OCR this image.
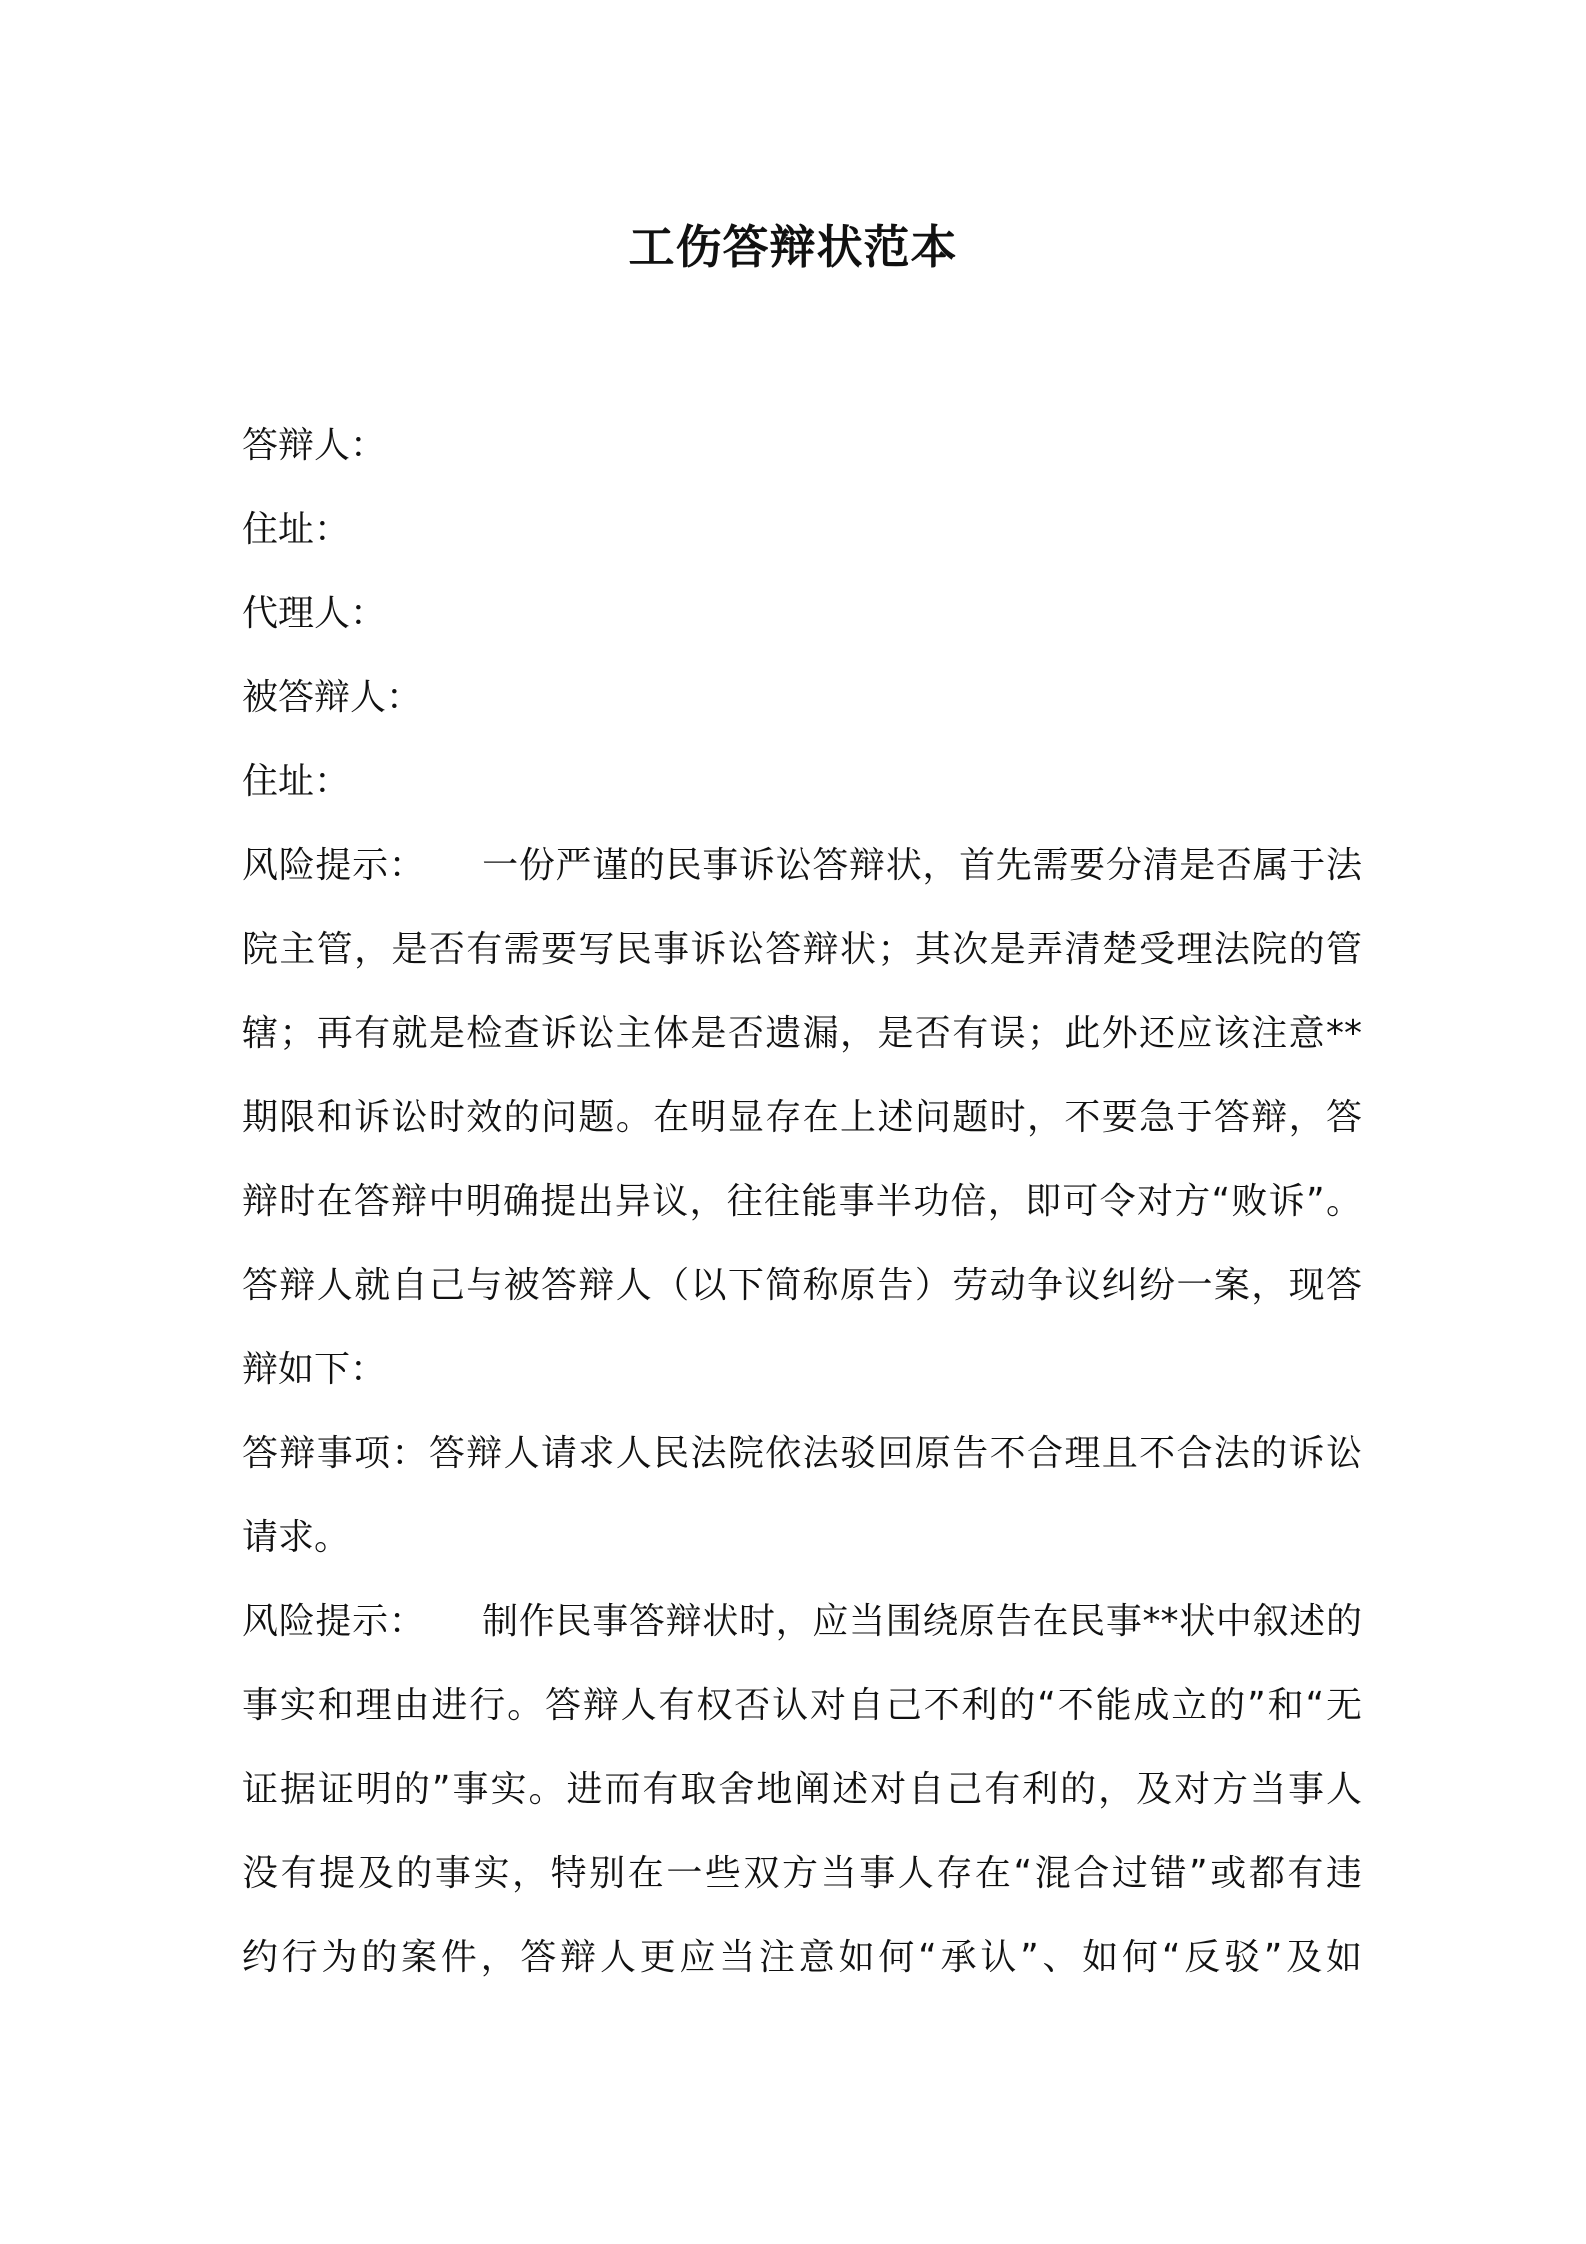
工伤答辩状范本
答辩人：
住址：
代理人：
被答辩人：
住址：
风险提示： 一份严谨的民事诉讼答辩状，首先需要分清是否属于法
院主管，是否有需要写民事诉讼答辩状；其次是弄清楚受理法院的管
辖；再有就是检查诉讼主体是否遗漏，是否有误；此外还应该注意**
期限和诉讼时效的问题。在明显存在上述问题时，不要急于答辩，答
辩时在答辩中明确提出异议，往往能事半功倍，即可令对方“败诉”。
答辩人就自己与被答辩人（以下简称原告）劳动争议纠纷一案，现答
辩如下：
答辩事项：答辩人请求人民法院依法驳回原告不合理且不合法的诉讼
请求。
风险提示： 制作民事答辩状时，应当围绕原告在民事**状中叙述的
事实和理由进行。答辩人有权否认对自己不利的“不能成立的”和“无
证据证明的”事实。进而有取舍地阐述对自己有利的，及对方当事人
没有提及的事实，特别在一些双方当事人存在“混合过错”或都有违
约行为的案件，答辩人更应当注意如何“承认”、如何“反驳”及如
